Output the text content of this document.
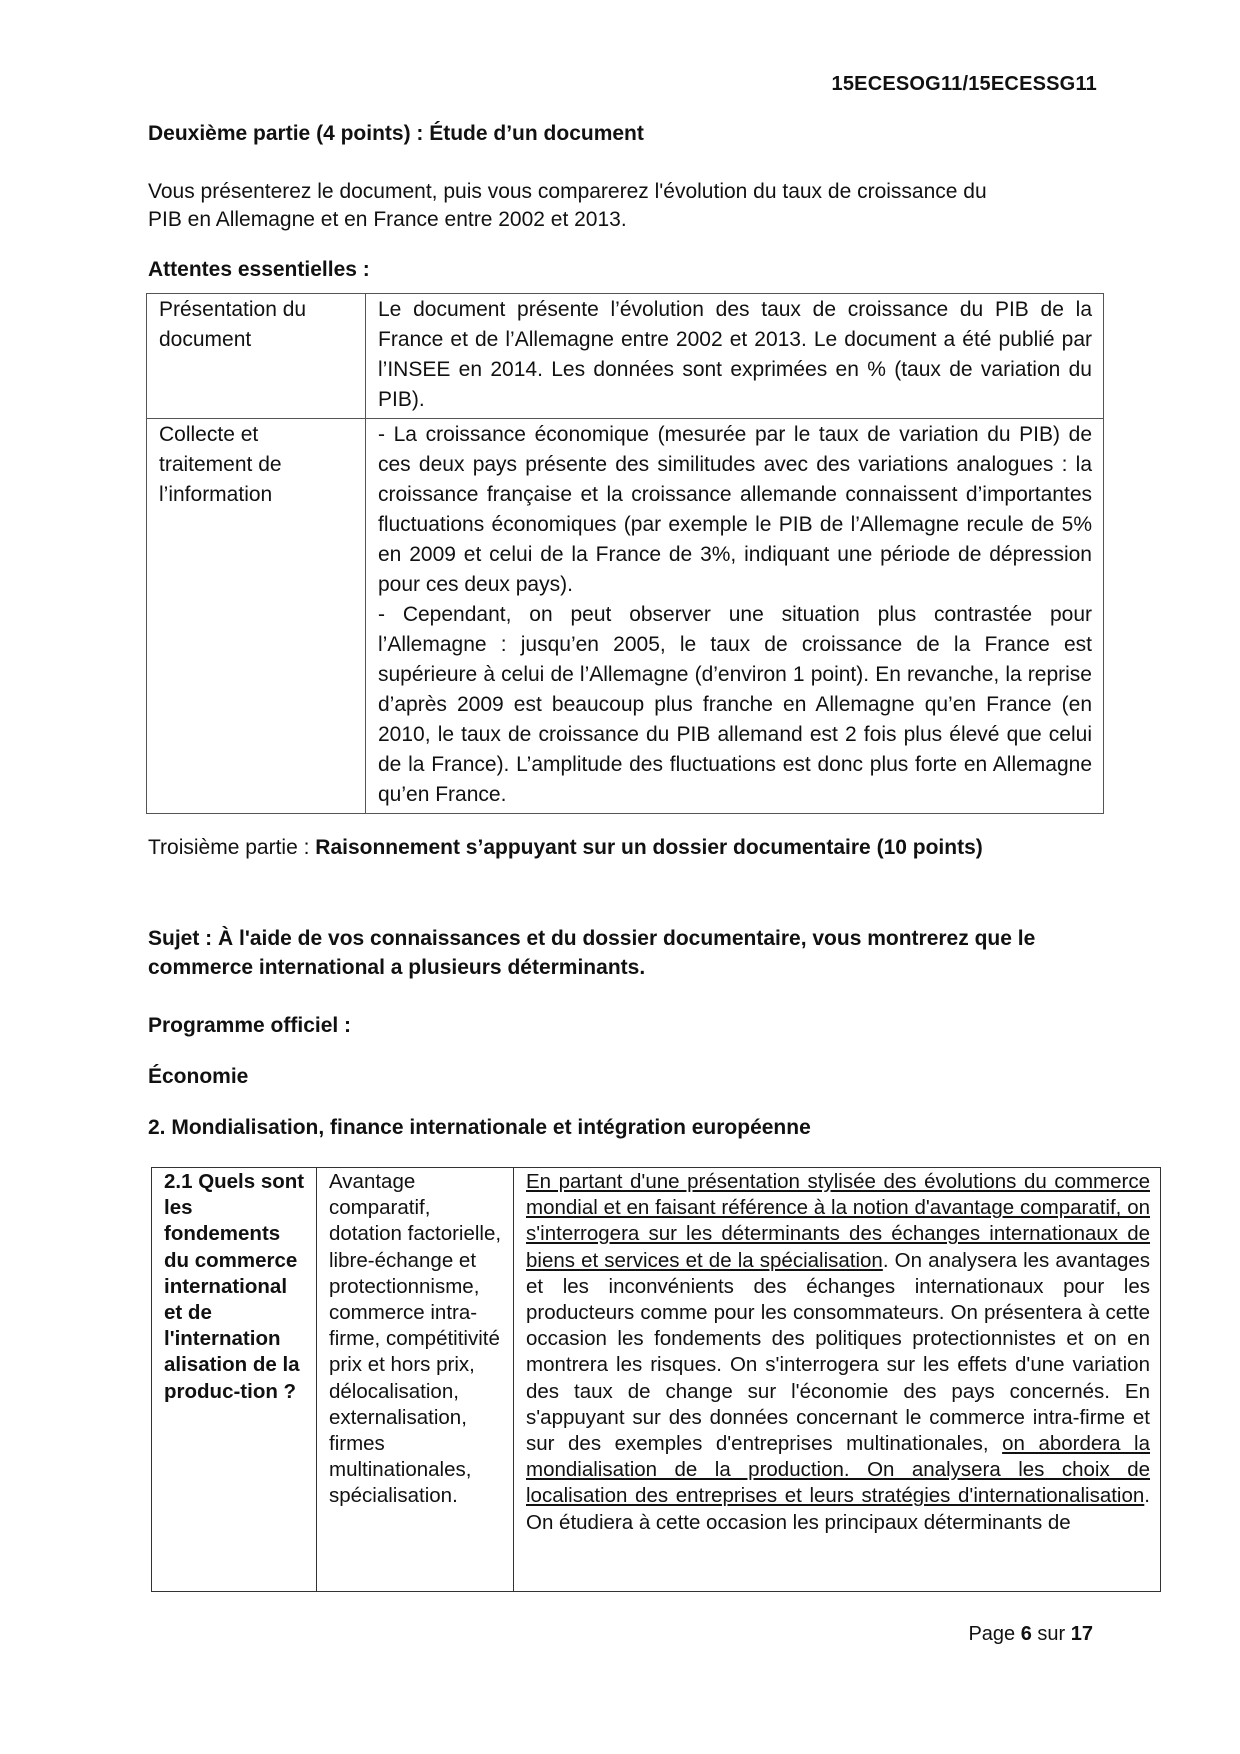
15ECESOG11/15ECESSG11
Deuxième partie (4 points) : Étude d’un document
Vous présenterez le document, puis vous comparerez l'évolution du taux de croissance du
PIB en Allemagne et en France entre 2002 et 2013.
Attentes essentielles :
Présentation du document	Le document présente l’évolution des taux de croissance du PIB de la France et de l’Allemagne entre 2002 et 2013. Le document a été publié par l’INSEE en 2014. Les données sont exprimées en % (taux de variation du PIB).
Collecte et traitement de l’information	- La croissance économique (mesurée par le taux de variation du PIB) de ces deux pays présente des similitudes avec des variations analogues : la croissance française et la croissance allemande connaissent d’importantes fluctuations économiques (par exemple le PIB de l’Allemagne recule de 5% en 2009 et celui de la France de 3%, indiquant une période de dépression pour ces deux pays).
- Cependant, on peut observer une situation plus contrastée pour l’Allemagne : jusqu’en 2005, le taux de croissance de la France est supérieure à celui de l’Allemagne (d’environ 1 point). En revanche, la reprise d’après 2009 est beaucoup plus franche en Allemagne qu’en France (en 2010, le taux de croissance du PIB allemand est 2 fois plus élevé que celui de la France). L’amplitude des fluctuations est donc plus forte en Allemagne qu’en France.
Troisième partie : Raisonnement s’appuyant sur un dossier documentaire (10 points)
Sujet : À l'aide de vos connaissances et du dossier documentaire, vous montrerez que le commerce international a plusieurs déterminants.
Programme officiel :
Économie
2. Mondialisation, finance internationale et intégration européenne
2.1 Quels sont les fondements du commerce international et de l'internation alisation de la produc-tion ?	Avantage comparatif, dotation factorielle, libre-échange et protectionnisme, commerce intra-firme, compétitivité prix et hors prix, délocalisation, externalisation, firmes multinationales, spécialisation.	En partant d'une présentation stylisée des évolutions du commerce mondial et en faisant référence à la notion d'avantage comparatif, on s'interrogera sur les déterminants des échanges internationaux de biens et services et de la spécialisation. On analysera les avantages et les inconvénients des échanges internationaux pour les producteurs comme pour les consommateurs. On présentera à cette occasion les fondements des politiques protectionnistes et on en montrera les risques. On s'interrogera sur les effets d'une variation des taux de change sur l'économie des pays concernés. En s'appuyant sur des données concernant le commerce intra-firme et sur des exemples d'entreprises multinationales, on abordera la mondialisation de la production. On analysera les choix de localisation des entreprises et leurs stratégies d'internationalisation. On étudiera à cette occasion les principaux déterminants de
Page 6 sur 17
